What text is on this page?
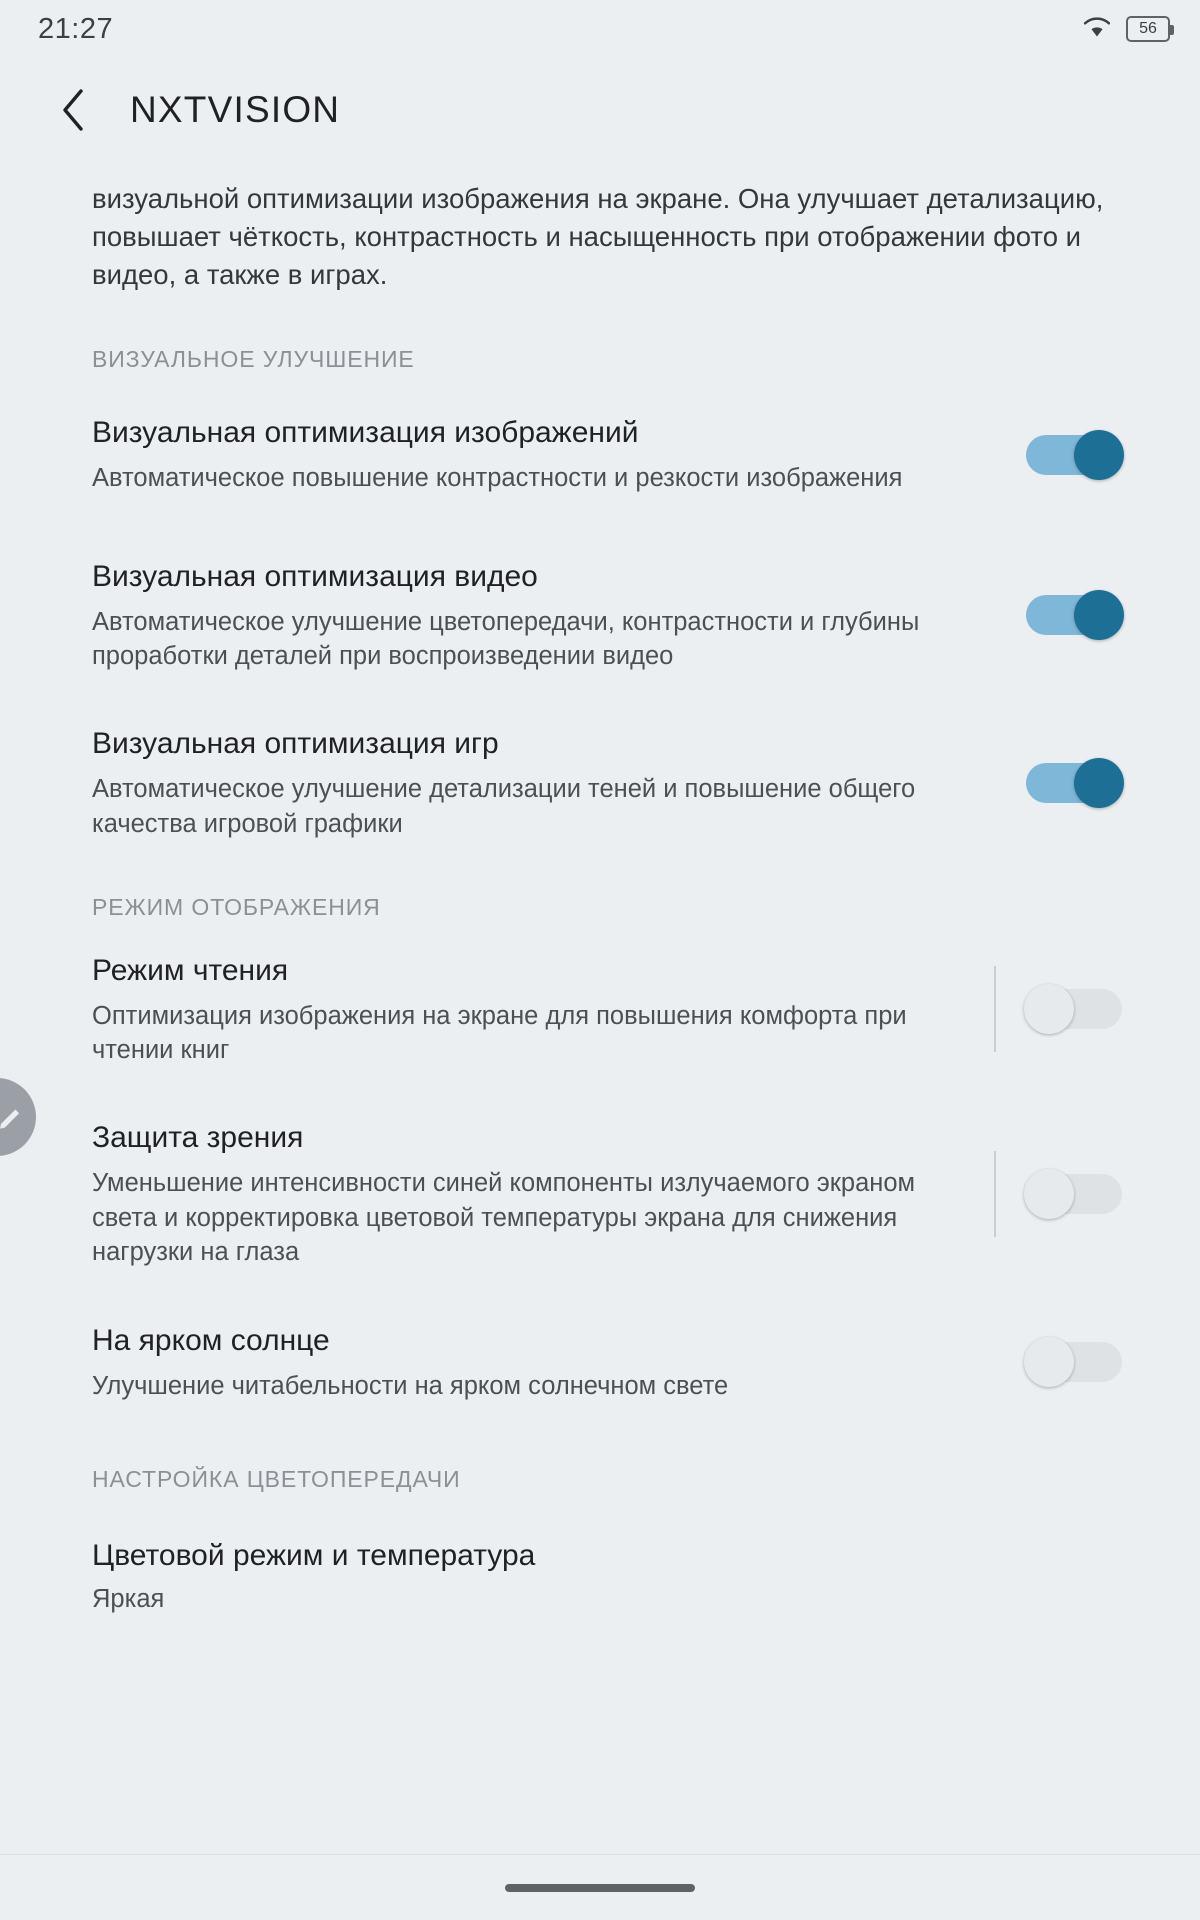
21:27	56
NXTVISION
визуальной оптимизации изображения на экране. Она улучшает детализацию, повышает чёткость, контрастность и насыщенность при отображении фото и видео, а также в играх.
ВИЗУАЛЬНОЕ УЛУЧШЕНИЕ
Визуальная оптимизация изображений
Автоматическое повышение контрастности и резкости изображения
Визуальная оптимизация видео
Автоматическое улучшение цветопередачи, контрастности и глубины проработки деталей при воспроизведении видео
Визуальная оптимизация игр
Автоматическое улучшение детализации теней и повышение общего качества игровой графики
РЕЖИМ ОТОБРАЖЕНИЯ
Режим чтения
Оптимизация изображения на экране для повышения комфорта при чтении книг
Защита зрения
Уменьшение интенсивности синей компоненты излучаемого экраном света и корректировка цветовой температуры экрана для снижения нагрузки на глаза
На ярком солнце
Улучшение читабельности на ярком солнечном свете
НАСТРОЙКА ЦВЕТОПЕРЕДАЧИ
Цветовой режим и температура
Яркая
